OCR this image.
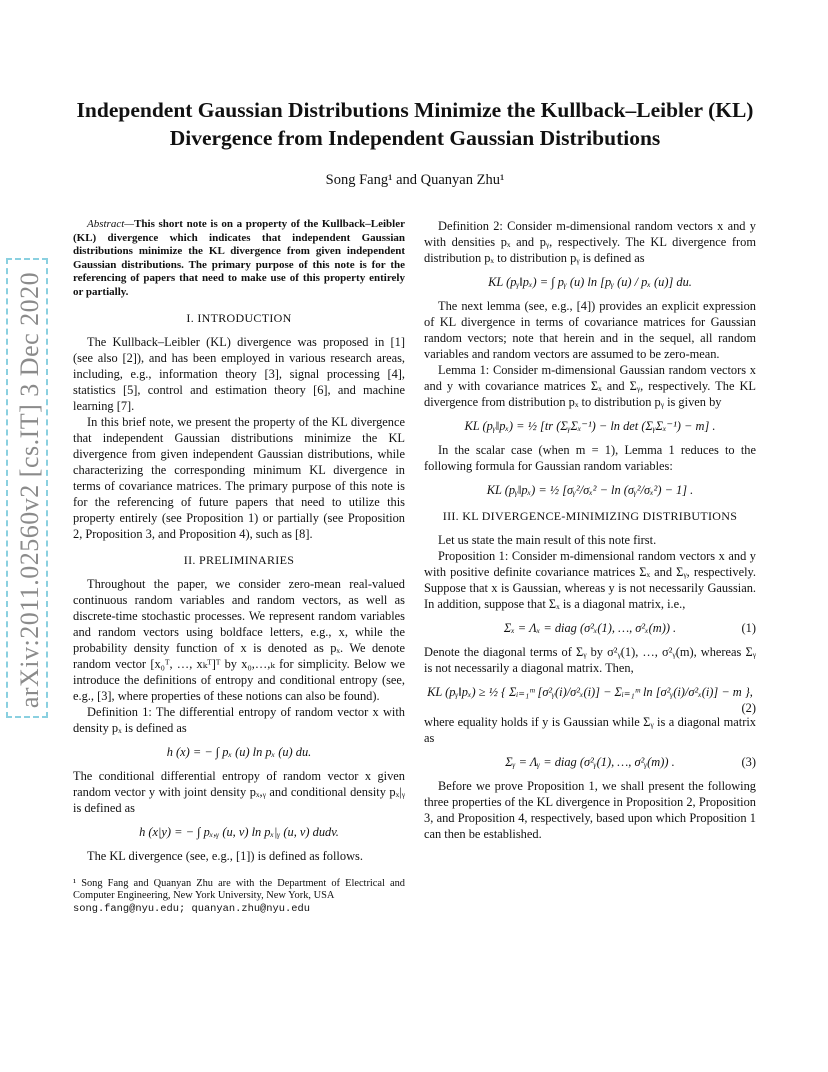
arXiv:2011.02560v2 [cs.IT] 3 Dec 2020
Independent Gaussian Distributions Minimize the Kullback–Leibler (KL) Divergence from Independent Gaussian Distributions
Song Fang¹ and Quanyan Zhu¹

Abstract—This short note is on a property of the Kullback–Leibler (KL) divergence which indicates that independent Gaussian distributions minimize the KL divergence from given independent Gaussian distributions. The primary purpose of this note is for the referencing of papers that need to make use of this property entirely or partially.

I. INTRODUCTION

The Kullback–Leibler (KL) divergence was proposed in [1] (see also [2]), and has been employed in various research areas, including, e.g., information theory [3], signal processing [4], statistics [5], control and estimation theory [6], and machine learning [7].

In this brief note, we present the property of the KL divergence that independent Gaussian distributions minimize the KL divergence from given independent Gaussian distributions, while characterizing the corresponding minimum KL divergence in terms of covariance matrices. The primary purpose of this note is for the referencing of future papers that need to utilize this property entirely (see Proposition 1) or partially (see Proposition 2, Proposition 3, and Proposition 4), such as [8].

II. PRELIMINARIES

Throughout the paper, we consider zero-mean real-valued continuous random variables and random vectors, as well as discrete-time stochastic processes. We represent random variables and random vectors using boldface letters, e.g., x, while the probability density function of x is denoted as pₓ. We denote random vector [x₀ᵀ, …, xₖᵀ]ᵀ by x₀,…,ₖ for simplicity. Below we introduce the definitions of entropy and conditional entropy (see, e.g., [3], where properties of these notions can also be found).

Definition 1: The differential entropy of random vector x with density pₓ is defined as

h (x) = − ∫ pₓ (u) ln pₓ (u) du.

The conditional differential entropy of random vector x given random vector y with joint density pₓ,ᵧ and conditional density pₓ|ᵧ is defined as

h (x|y) = − ∫ pₓ,ᵧ (u, v) ln pₓ|ᵧ (u, v) dudv.

The KL divergence (see, e.g., [1]) is defined as follows.

¹ Song Fang and Quanyan Zhu are with the Department of Electrical and Computer Engineering, New York University, New York, USA
song.fang@nyu.edu; quanyan.zhu@nyu.edu

Definition 2: Consider m-dimensional random vectors x and y with densities pₓ and pᵧ, respectively. The KL divergence from distribution pₓ to distribution pᵧ is defined as

KL (pᵧ‖pₓ) = ∫ pᵧ (u) ln [pᵧ (u) / pₓ (u)] du.

The next lemma (see, e.g., [4]) provides an explicit expression of KL divergence in terms of covariance matrices for Gaussian random vectors; note that herein and in the sequel, all random variables and random vectors are assumed to be zero-mean.

Lemma 1: Consider m-dimensional Gaussian random vectors x and y with covariance matrices Σₓ and Σᵧ, respectively. The KL divergence from distribution pₓ to distribution pᵧ is given by

KL (pᵧ‖pₓ) = ½ [tr (ΣᵧΣₓ⁻¹) − ln det (ΣᵧΣₓ⁻¹) − m] .

In the scalar case (when m = 1), Lemma 1 reduces to the following formula for Gaussian random variables:

KL (pᵧ‖pₓ) = ½ [σᵧ²/σₓ² − ln (σᵧ²/σₓ²) − 1] .
III. KL DIVERGENCE-MINIMIZING DISTRIBUTIONS

Let us state the main result of this note first.

Proposition 1: Consider m-dimensional random vectors x and y with positive definite covariance matrices Σₓ and Σᵧ, respectively. Suppose that x is Gaussian, whereas y is not necessarily Gaussian. In addition, suppose that Σₓ is a diagonal matrix, i.e.,

Σₓ = Λₓ = diag (σ²ₓ(1), …, σ²ₓ(m)) .	(1)

Denote the diagonal terms of Σᵧ by σ²ᵧ(1), …, σ²ᵧ(m), whereas Σᵧ is not necessarily a diagonal matrix. Then,

KL (pᵧ‖pₓ) ≥ ½ { Σᵢ₌₁ᵐ [σ²ᵧ(i)/σ²ₓ(i)] − Σᵢ₌₁ᵐ ln [σ²ᵧ(i)/σ²ₓ(i)] − m },

(2)

where equality holds if y is Gaussian while Σᵧ is a diagonal matrix as

Σᵧ = Λᵧ = diag (σ²ᵧ(1), …, σ²ᵧ(m)) .	(3)

Before we prove Proposition 1, we shall present the following three properties of the KL divergence in Proposition 2, Proposition 3, and Proposition 4, respectively, based upon which Proposition 1 can then be established.
